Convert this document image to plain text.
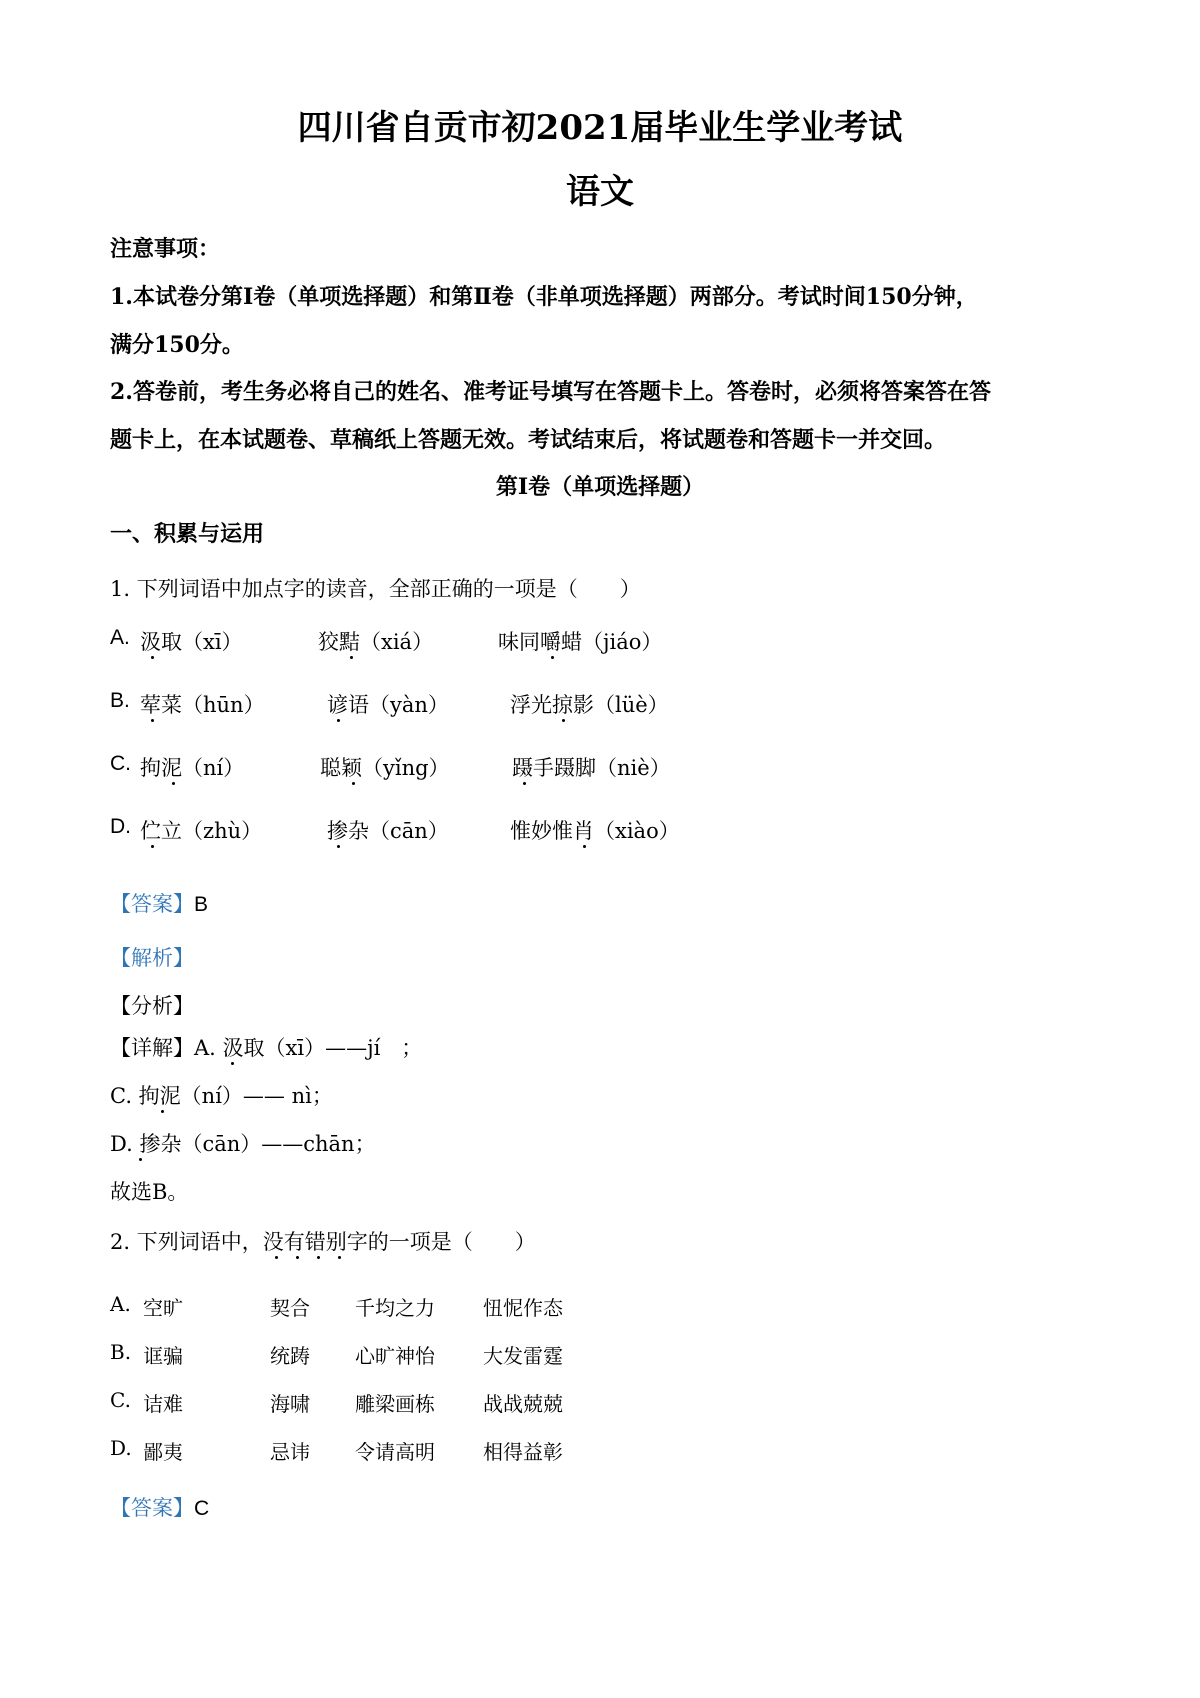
四川省自贡市初2021届毕业生学业考试
语文
注意事项：
1.本试卷分第Ⅰ卷（单项选择题）和第Ⅱ卷（非单项选择题）两部分。考试时间150分钟，
满分150分。
2.答卷前，考生务必将自己的姓名、准考证号填写在答题卡上。答卷时，必须将答案答在答
题卡上，在本试题卷、草稿纸上答题无效。考试结束后，将试题卷和答题卡一并交回。
第Ⅰ卷（单项选择题）
一、积累与运用
1. 下列词语中加点字的读音，全部正确的一项是（　　）
A. 汲取（xī）	狡黠（xiá）	味同嚼蜡（jiáo）
B. 荤菜（hūn）	谚语（yàn）	浮光掠影（lüè）
C. 拘泥（ní）	聪颖（yǐng）	蹑手蹑脚（niè）
D. 伫立（zhù）	掺杂（cān）	惟妙惟肖（xiào）
【答案】B
【解析】
【分析】
【详解】A. 汲取（xī）——jí　；
C. 拘泥（ní）—— nì；
D. 掺杂（cān）——chān；
故选B。
2. 下列词语中，没有错别字的一项是（　　）
A. 空旷	契合 千均之力 忸怩作态
B. 诓骗	统踌 心旷神怡 大发雷霆
C. 诘难	海啸 雕梁画栋 战战兢兢
D. 鄙夷	忌讳 令请高明 相得益彰
【答案】C
